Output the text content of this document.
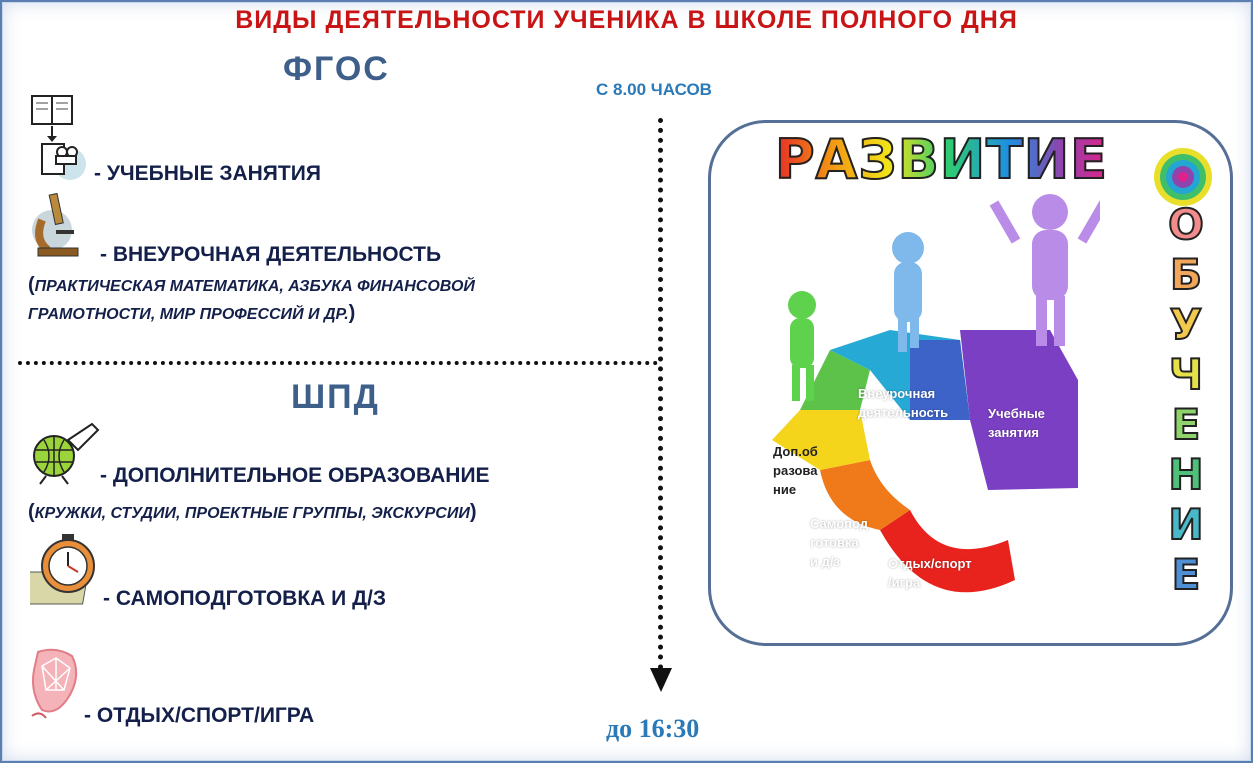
ВИДЫ ДЕЯТЕЛЬНОСТИ УЧЕНИКА В ШКОЛЕ ПОЛНОГО ДНЯ
ФГОС
ШПД
С 8.00 ЧАСОВ
до 16:30
- УЧЕБНЫЕ ЗАНЯТИЯ
- ВНЕУРОЧНАЯ ДЕЯТЕЛЬНОСТЬ
(ПРАКТИЧЕСКАЯ МАТЕМАТИКА, АЗБУКА ФИНАНСОВОЙ
ГРАМОТНОСТИ, МИР ПРОФЕССИЙ И ДР.)
- ДОПОЛНИТЕЛЬНОЕ ОБРАЗОВАНИЕ
(КРУЖКИ, СТУДИИ, ПРОЕКТНЫЕ ГРУППЫ, ЭКСКУРСИИ)
- САМОПОДГОТОВКА И Д/З
- ОТДЫХ/СПОРТ/ИГРА
РАЗВИТИЕ
О
Б
У
Ч
Е
Н
И
Е
Учебные
занятия
Внеурочная
деятельность
Доп.об
разова
ние
Самопод
готовка
и д/з	Отдых/спорт
/игра
